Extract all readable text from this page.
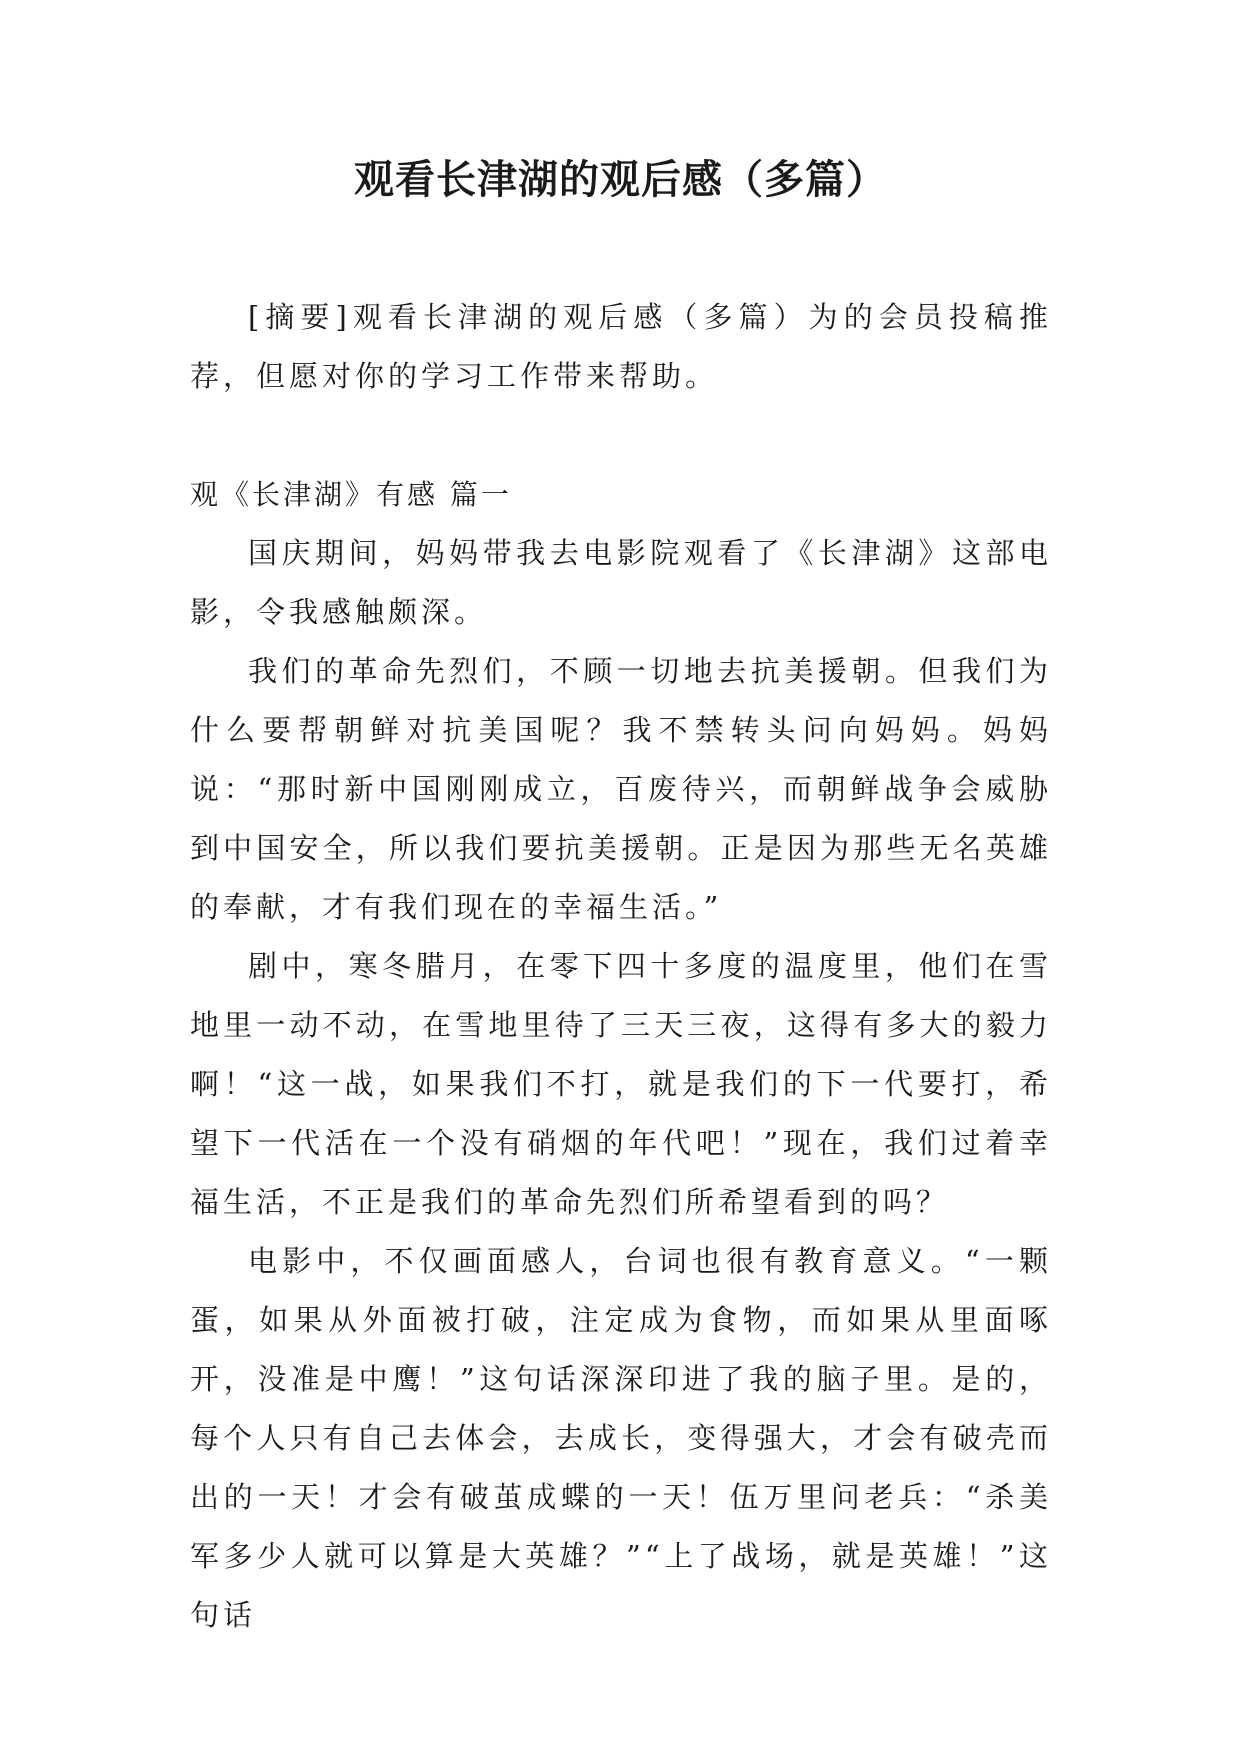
观看长津湖的观后感（多篇）

[摘要]观看长津湖的观后感（多篇）为的会员投稿推荐，但愿对你的学习工作带来帮助。

观《长津湖》有感 篇一

国庆期间，妈妈带我去电影院观看了《长津湖》这部电影，令我感触颇深。

我们的革命先烈们，不顾一切地去抗美援朝。但我们为什么要帮朝鲜对抗美国呢？我不禁转头问向妈妈。妈妈说：“那时新中国刚刚成立，百废待兴，而朝鲜战争会威胁到中国安全，所以我们要抗美援朝。正是因为那些无名英雄的奉献，才有我们现在的幸福生活。”

剧中，寒冬腊月，在零下四十多度的温度里，他们在雪地里一动不动，在雪地里待了三天三夜，这得有多大的毅力啊！“这一战，如果我们不打，就是我们的下一代要打，希望下一代活在一个没有硝烟的年代吧！”现在，我们过着幸福生活，不正是我们的革命先烈们所希望看到的吗？

电影中，不仅画面感人，台词也很有教育意义。“一颗蛋，如果从外面被打破，注定成为食物，而如果从里面啄开，没准是中鹰！”这句话深深印进了我的脑子里。是的，每个人只有自己去体会，去成长，变得强大，才会有破壳而出的一天！才会有破茧成蝶的一天！伍万里问老兵：“杀美军多少人就可以算是大英雄？”“上了战场，就是英雄！”这句话
